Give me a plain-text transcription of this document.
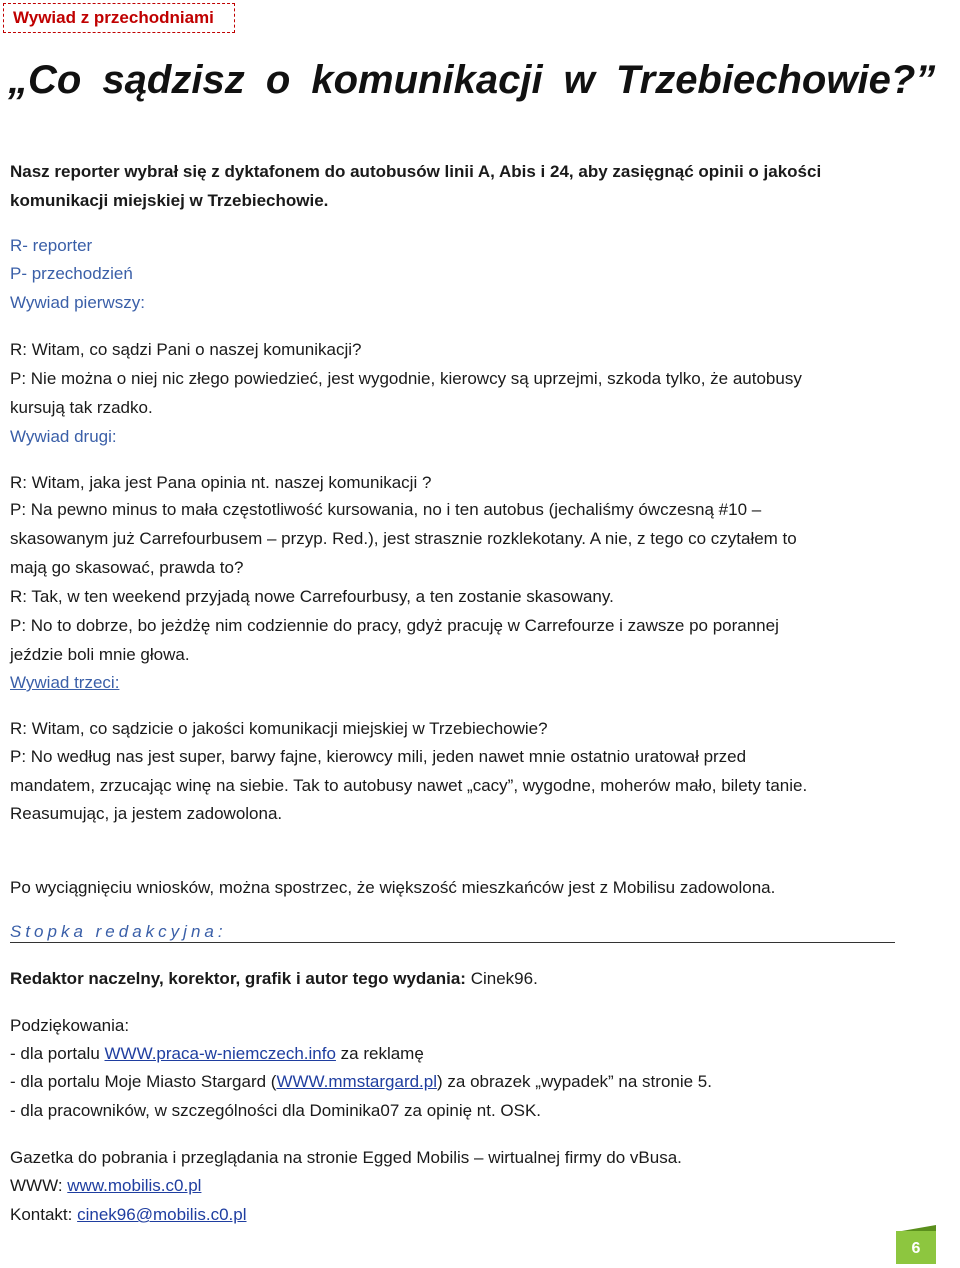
Wywiad z przechodniami
„Co sądzisz o komunikacji w Trzebiechowie?”

Nasz reporter wybrał się z dyktafonem do autobusów linii A, Abis i 24, aby zasięgnąć opinii o jakości

komunikacji miejskiej w Trzebiechowie.

R- reporter

P- przechodzień

Wywiad pierwszy:

R: Witam, co sądzi Pani o naszej komunikacji?

P: Nie można o niej nic złego powiedzieć, jest wygodnie, kierowcy są uprzejmi, szkoda tylko, że autobusy

kursują tak rzadko.

Wywiad drugi:

R: Witam, jaka jest Pana opinia nt. naszej komunikacji ?

P: Na pewno minus to mała częstotliwość kursowania, no i ten autobus (jechaliśmy ówczesną #10 –

skasowanym już Carrefourbusem – przyp. Red.), jest strasznie rozklekotany. A nie, z tego co czytałem to

mają go skasować, prawda to?

R: Tak, w ten weekend przyjadą nowe Carrefourbusy, a ten zostanie skasowany.

P: No to dobrze, bo jeżdżę nim codziennie do pracy, gdyż pracuję w Carrefourze i zawsze po porannej

jeździe boli mnie głowa.

Wywiad trzeci:

R: Witam, co sądzicie o jakości komunikacji miejskiej w Trzebiechowie?

P: No według nas jest super, barwy fajne, kierowcy mili, jeden nawet mnie ostatnio uratował przed

mandatem, zrzucając winę na siebie. Tak to autobusy nawet „cacy”, wygodne, moherów mało, bilety tanie.

Reasumując, ja jestem zadowolona.

Po wyciągnięciu wniosków, można spostrzec, że większość mieszkańców jest z Mobilisu zadowolona.

Stopka redakcyjna:

Redaktor naczelny, korektor, grafik i autor tego wydania: Cinek96.

Podziękowania:

- dla portalu WWW.praca-w-niemczech.info za reklamę

- dla portalu Moje Miasto Stargard (WWW.mmstargard.pl) za obrazek „wypadek” na stronie 5.

- dla pracowników, w szczególności dla Dominika07 za opinię nt. OSK.

Gazetka do pobrania i przeglądania na stronie Egged Mobilis – wirtualnej firmy do vBusa.

WWW: www.mobilis.c0.pl

Kontakt: cinek96@mobilis.c0.pl

6
